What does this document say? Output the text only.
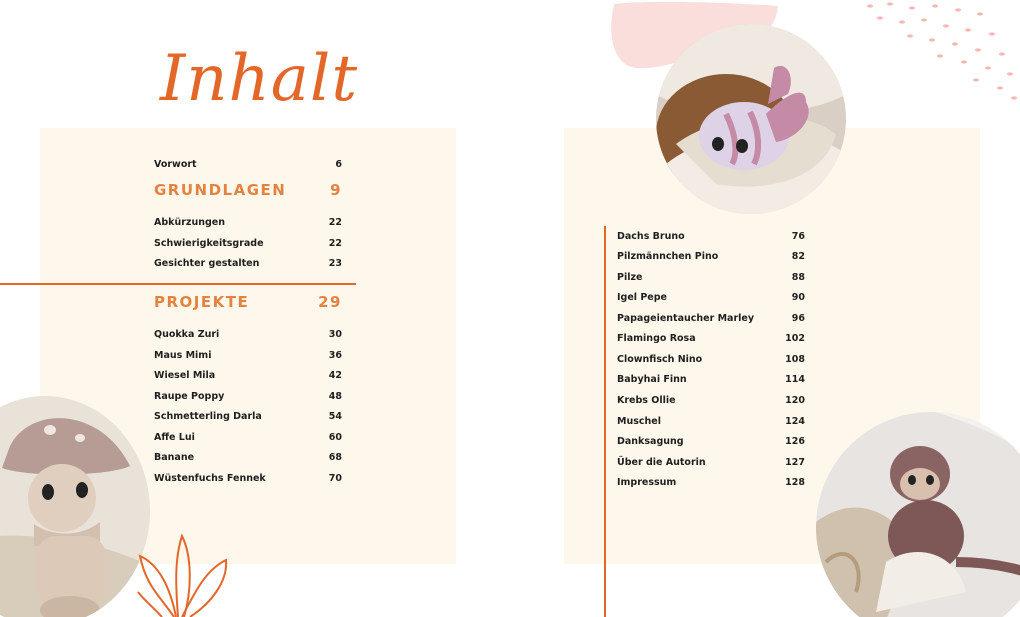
Inhalt
Vorwort	6
GRUNDLAGEN	9
Abkürzungen	22
Schwierigkeitsgrade	22
Gesichter gestalten	23
PROJEKTE	29
Quokka Zuri	30
Maus Mimi	36
Wiesel Mila	42
Raupe Poppy	48
Schmetterling Darla	54
Affe Lui	60
Banane	68
Wüstenfuchs Fennek	70
Dachs Bruno	76
Pilzmännchen Pino	82
Pilze	88
Igel Pepe	90
Papageientaucher Marley	96
Flamingo Rosa	102
Clownfisch Nino	108
Babyhai Finn	114
Krebs Ollie	120
Muschel	124
Danksagung	126
Über die Autorin	127
Impressum	128
